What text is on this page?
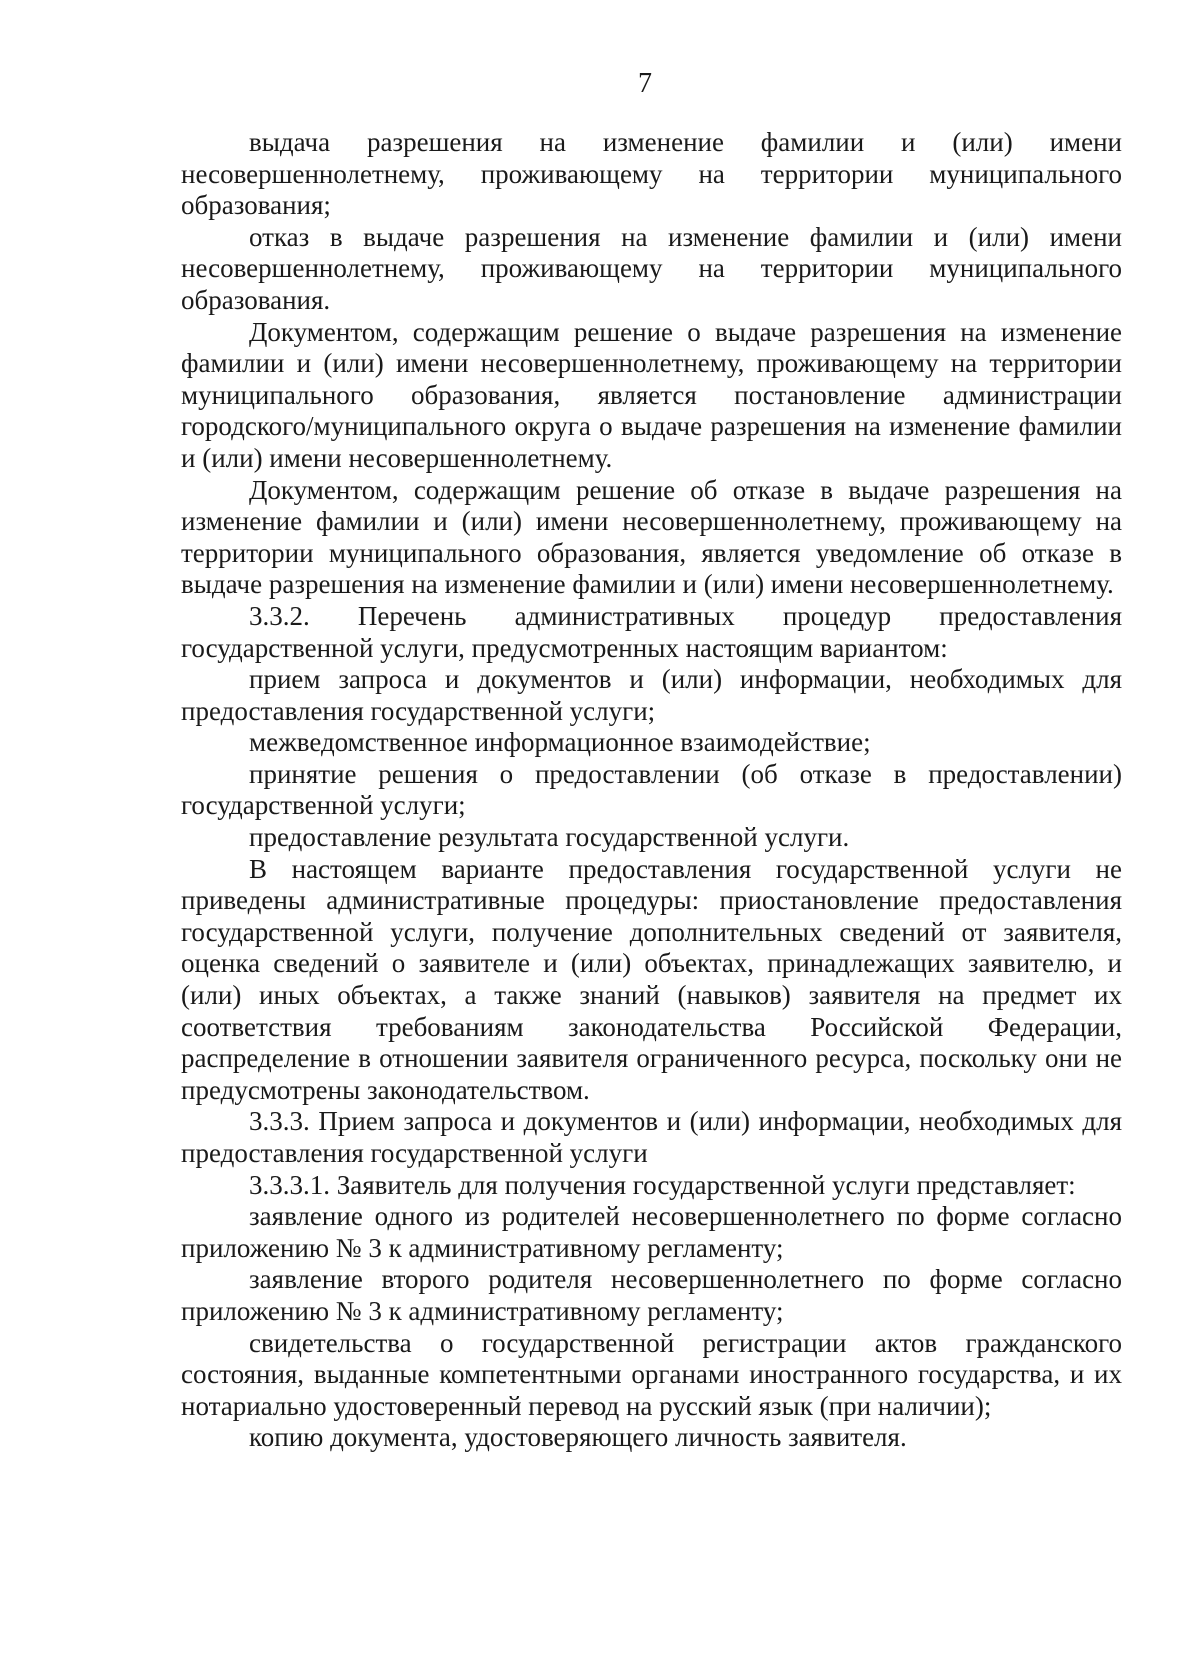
7

выдача разрешения на изменение фамилии и (или) имени несовершеннолетнему, проживающему на территории муниципального образования;

отказ в выдаче разрешения на изменение фамилии и (или) имени несовершеннолетнему, проживающему на территории муниципального образования.

Документом, содержащим решение о выдаче разрешения на изменение фамилии и (или) имени несовершеннолетнему, проживающему на территории муниципального образования, является постановление администрации городского/муниципального округа о выдаче разрешения на изменение фамилии и (или) имени несовершеннолетнему.

Документом, содержащим решение об отказе в выдаче разрешения на изменение фамилии и (или) имени несовершеннолетнему, проживающему на территории муниципального образования, является уведомление об отказе в выдаче разрешения на изменение фамилии и (или) имени несовершеннолетнему.

3.3.2. Перечень административных процедур предоставления государственной услуги, предусмотренных настоящим вариантом:

прием запроса и документов и (или) информации, необходимых для предоставления государственной услуги;

межведомственное информационное взаимодействие;

принятие решения о предоставлении (об отказе в предоставлении) государственной услуги;

предоставление результата государственной услуги.

В настоящем варианте предоставления государственной услуги не приведены административные процедуры: приостановление предоставления государственной услуги, получение дополнительных сведений от заявителя, оценка сведений о заявителе и (или) объектах, принадлежащих заявителю, и (или) иных объектах, а также знаний (навыков) заявителя на предмет их соответствия требованиям законодательства Российской Федерации, распределение в отношении заявителя ограниченного ресурса, поскольку они не предусмотрены законодательством.

3.3.3. Прием запроса и документов и (или) информации, необходимых для предоставления государственной услуги

3.3.3.1. Заявитель для получения государственной услуги представляет:

заявление одного из родителей несовершеннолетнего по форме согласно приложению № 3 к административному регламенту;

заявление второго родителя несовершеннолетнего по форме согласно приложению № 3 к административному регламенту;

свидетельства о государственной регистрации актов гражданского состояния, выданные компетентными органами иностранного государства, и их нотариально удостоверенный перевод на русский язык (при наличии);

копию документа, удостоверяющего личность заявителя.
